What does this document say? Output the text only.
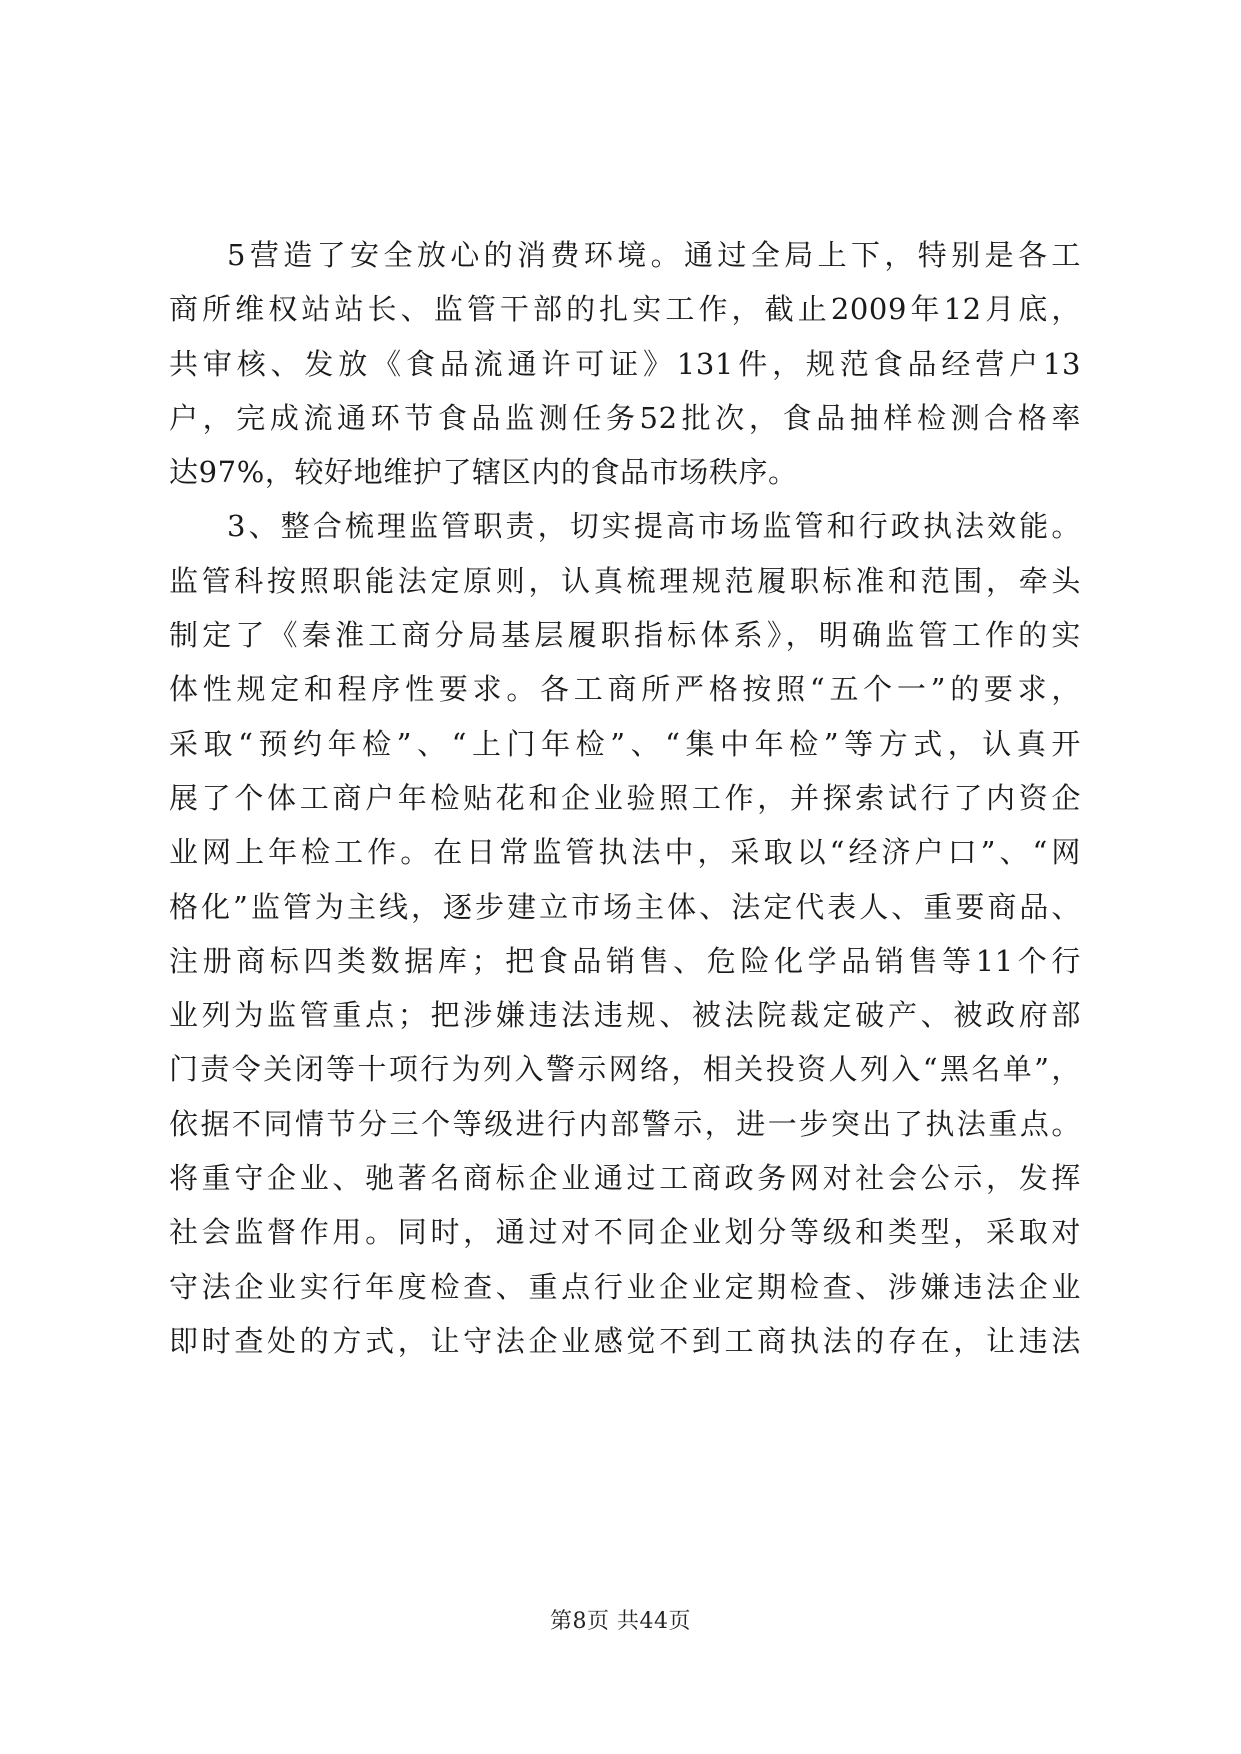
5营造了安全放心的消费环境。通过全局上下，特别是各工
商所维权站站长、监管干部的扎实工作，截止2009年12月底，
共审核、发放《食品流通许可证》131件，规范食品经营户13
户，完成流通环节食品监测任务52批次，食品抽样检测合格率
达97%，较好地维护了辖区内的食品市场秩序。
3、整合梳理监管职责，切实提高市场监管和行政执法效能。
监管科按照职能法定原则，认真梳理规范履职标准和范围，牵头
制定了《秦淮工商分局基层履职指标体系》，明确监管工作的实
体性规定和程序性要求。各工商所严格按照“五个一”的要求，
采取“预约年检”、“上门年检”、“集中年检”等方式，认真开
展了个体工商户年检贴花和企业验照工作，并探索试行了内资企
业网上年检工作。在日常监管执法中，采取以“经济户口”、“网
格化”监管为主线，逐步建立市场主体、法定代表人、重要商品、
注册商标四类数据库；把食品销售、危险化学品销售等11个行
业列为监管重点；把涉嫌违法违规、被法院裁定破产、被政府部
门责令关闭等十项行为列入警示网络，相关投资人列入“黑名单”，
依据不同情节分三个等级进行内部警示，进一步突出了执法重点。
将重守企业、驰著名商标企业通过工商政务网对社会公示，发挥
社会监督作用。同时，通过对不同企业划分等级和类型，采取对
守法企业实行年度检查、重点行业企业定期检查、涉嫌违法企业
即时查处的方式，让守法企业感觉不到工商执法的存在，让违法
第8页 共44页
